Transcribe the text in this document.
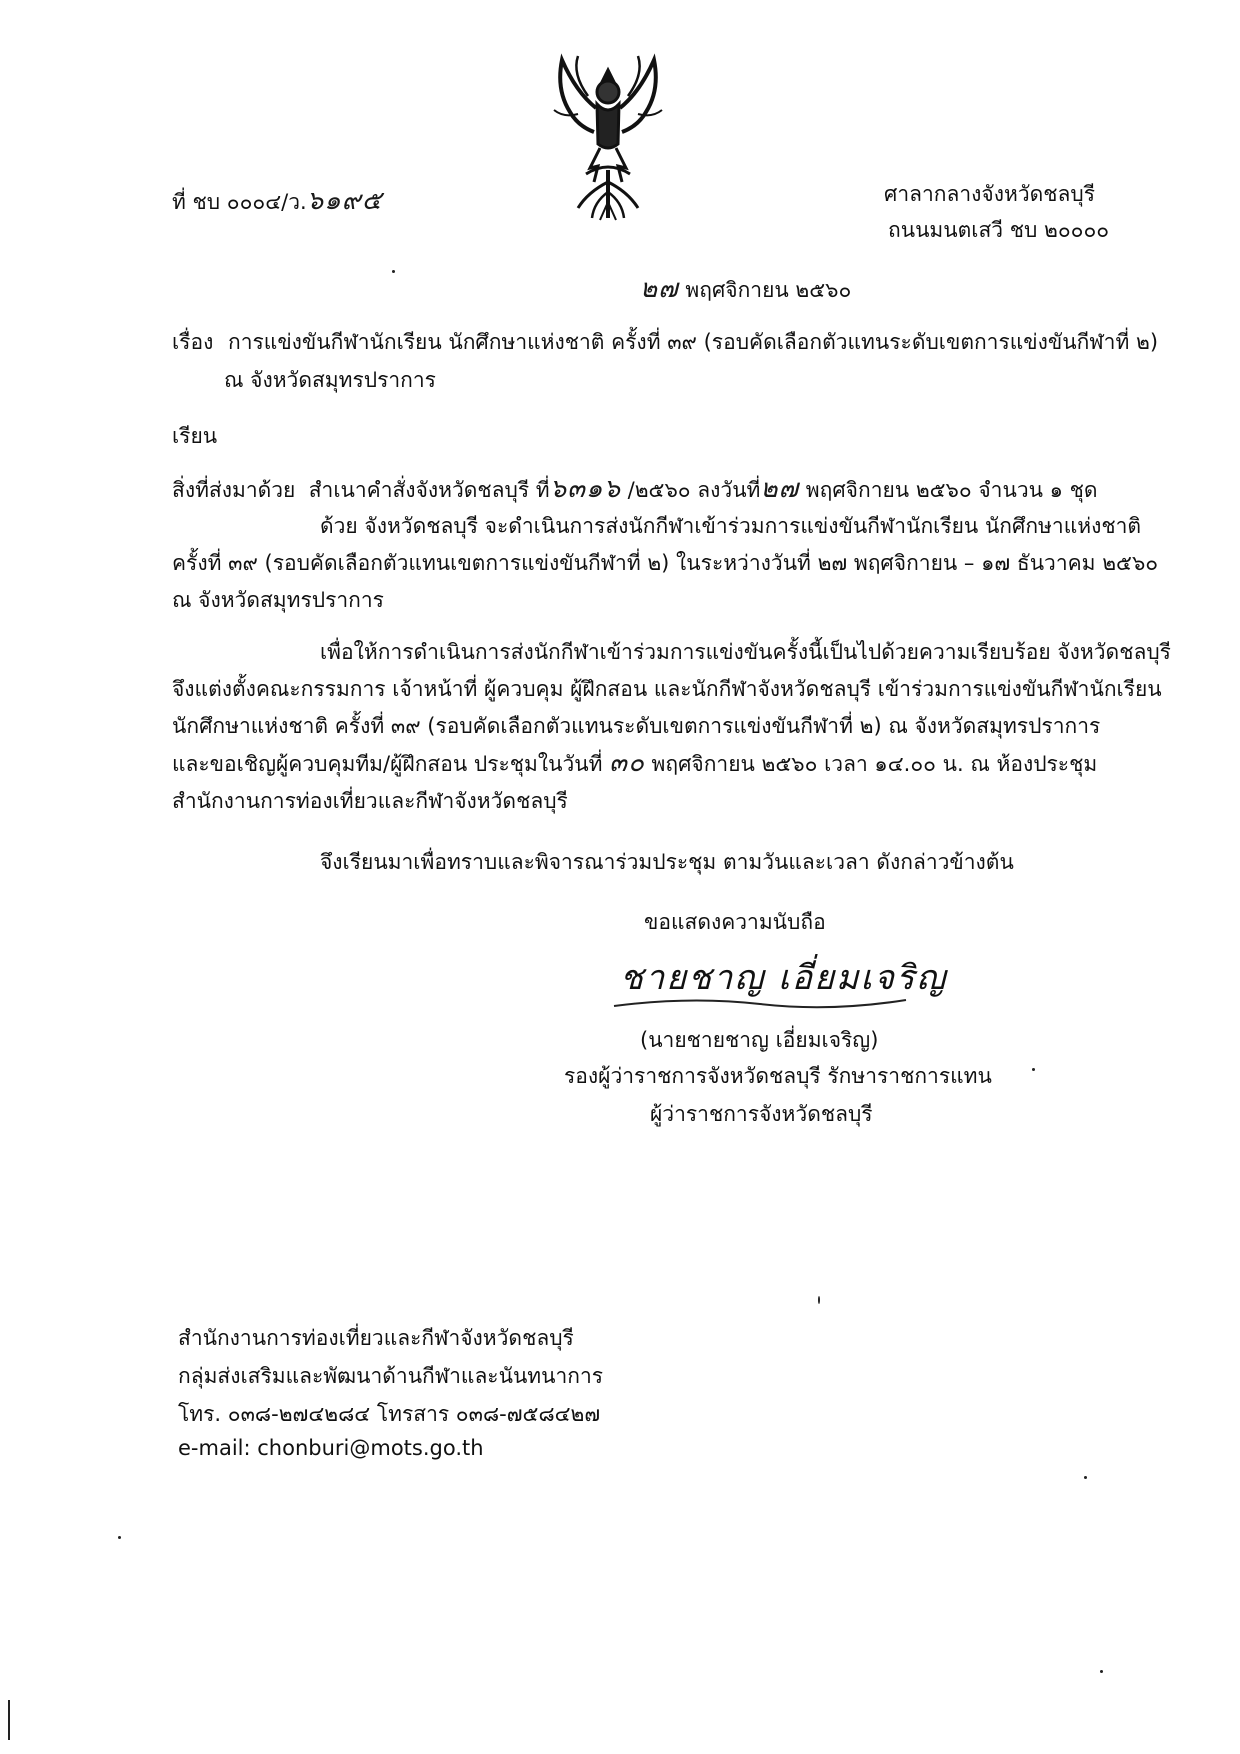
ที่ ชบ ๐๐๐๔/ว.๖๑๙๕	ศาลากลางจังหวัดชลบุรี
ถนนมนตเสวี ชบ ๒๐๐๐๐
๒๗ พฤศจิกายน ๒๕๖๐
เรื่อง การแข่งขันกีฬานักเรียน นักศึกษาแห่งชาติ ครั้งที่ ๓๙ (รอบคัดเลือกตัวแทนระดับเขตการแข่งขันกีฬาที่ ๒)
ณ จังหวัดสมุทรปราการ
เรียน
สิ่งที่ส่งมาด้วย สำเนาคำสั่งจังหวัดชลบุรี ที่๖๓๑๖ /๒๕๖๐ ลงวันที่๒๗ พฤศจิกายน ๒๕๖๐ จำนวน ๑ ชุด
ด้วย จังหวัดชลบุรี จะดำเนินการส่งนักกีฬาเข้าร่วมการแข่งขันกีฬานักเรียน นักศึกษาแห่งชาติ
ครั้งที่ ๓๙ (รอบคัดเลือกตัวแทนเขตการแข่งขันกีฬาที่ ๒) ในระหว่างวันที่ ๒๗ พฤศจิกายน – ๑๗ ธันวาคม ๒๕๖๐
ณ จังหวัดสมุทรปราการ
เพื่อให้การดำเนินการส่งนักกีฬาเข้าร่วมการแข่งขันครั้งนี้เป็นไปด้วยความเรียบร้อย จังหวัดชลบุรี
จึงแต่งตั้งคณะกรรมการ เจ้าหน้าที่ ผู้ควบคุม ผู้ฝึกสอน และนักกีฬาจังหวัดชลบุรี เข้าร่วมการแข่งขันกีฬานักเรียน
นักศึกษาแห่งชาติ ครั้งที่ ๓๙ (รอบคัดเลือกตัวแทนระดับเขตการแข่งขันกีฬาที่ ๒) ณ จังหวัดสมุทรปราการ
และขอเชิญผู้ควบคุมทีม/ผู้ฝึกสอน ประชุมในวันที่ ๓๐ พฤศจิกายน ๒๕๖๐ เวลา ๑๔.๐๐ น. ณ ห้องประชุม
สำนักงานการท่องเที่ยวและกีฬาจังหวัดชลบุรี
จึงเรียนมาเพื่อทราบและพิจารณาร่วมประชุม ตามวันและเวลา ดังกล่าวข้างต้น
ขอแสดงความนับถือ
ชายชาญ เอี่ยมเจริญ
(นายชายชาญ เอี่ยมเจริญ)
รองผู้ว่าราชการจังหวัดชลบุรี รักษาราชการแทน
ผู้ว่าราชการจังหวัดชลบุรี
สำนักงานการท่องเที่ยวและกีฬาจังหวัดชลบุรี
กลุ่มส่งเสริมและพัฒนาด้านกีฬาและนันทนาการ
โทร. ๐๓๘-๒๗๔๒๘๔ โทรสาร ๐๓๘-๗๕๘๔๒๗
e-mail: chonburi@mots.go.th
